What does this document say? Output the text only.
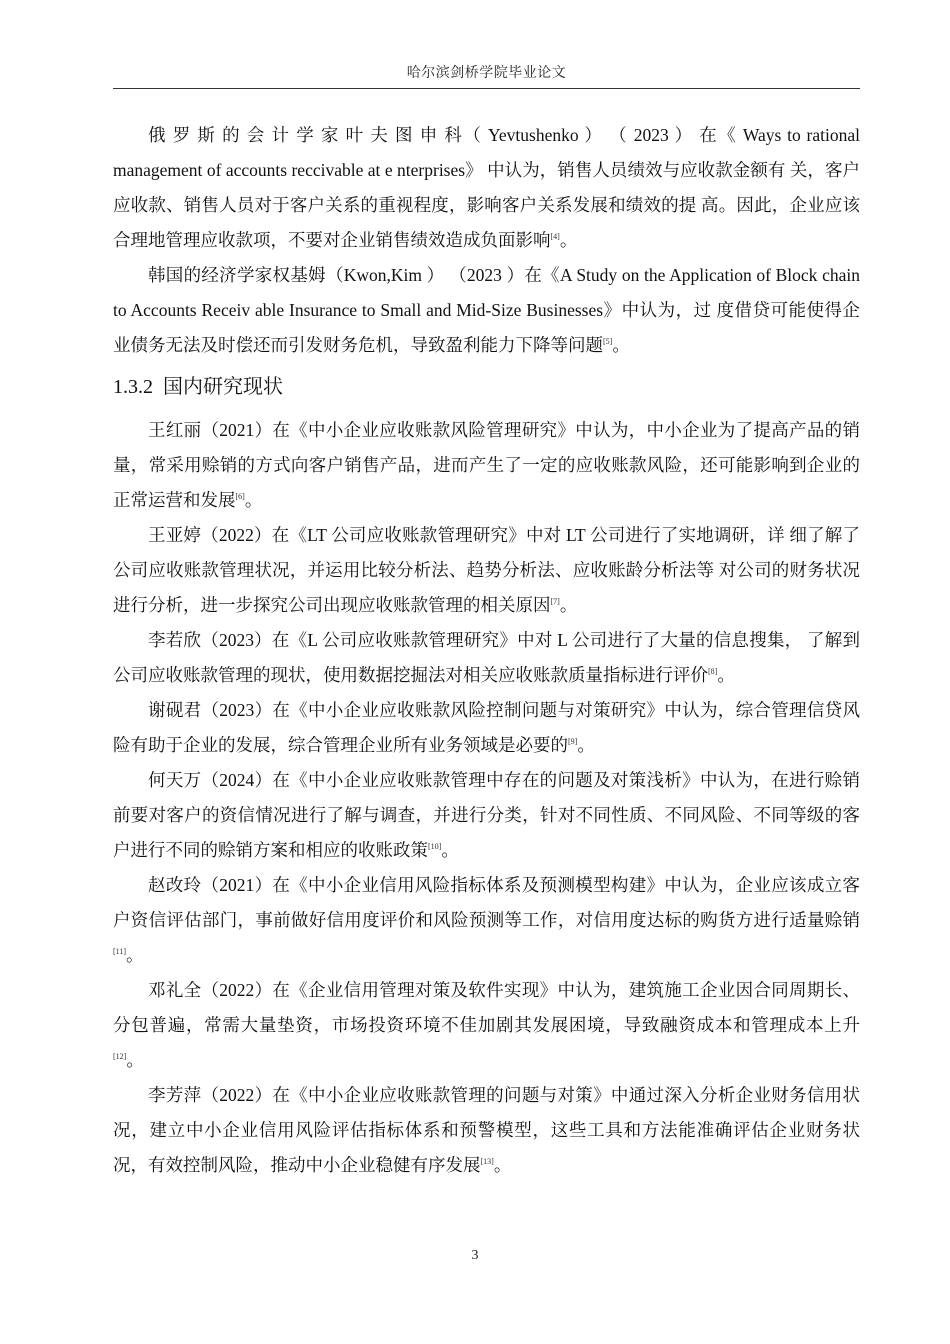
哈尔滨剑桥学院毕业论文

俄 罗 斯 的 会 计 学 家 叶 夫 图 申 科（ Yevtushenko ） （ 2023 ） 在《 Ways to rational management of accounts reccivable at e nterprises》 中认为，销售人员绩效与应收款金额有 关，客户应收款、销售人员对于客户关系的重视程度，影响客户关系发展和绩效的提 高。因此，企业应该合理地管理应收款项，不要对企业销售绩效造成负面影响[4]。

韩国的经济学家权基姆（Kwon,Kim ） （2023 ）在《A Study on the Application of Block chain to Accounts Receiv able Insurance to Small and Mid-Size Businesses》中认为，过 度借贷可能使得企业债务无法及时偿还而引发财务危机，导致盈利能力下降等问题[5]。

1.3.2 国内研究现状

王红丽（2021）在《中小企业应收账款风险管理研究》中认为，中小企业为了提高产品的销量，常采用赊销的方式向客户销售产品，进而产生了一定的应收账款风险，还可能影响到企业的正常运营和发展[6]。

王亚婷（2022）在《LT 公司应收账款管理研究》中对 LT 公司进行了实地调研，详 细了解了公司应收账款管理状况，并运用比较分析法、趋势分析法、应收账龄分析法等 对公司的财务状况进行分析，进一步探究公司出现应收账款管理的相关原因[7]。

李若欣（2023）在《L 公司应收账款管理研究》中对 L 公司进行了大量的信息搜集， 了解到公司应收账款管理的现状，使用数据挖掘法对相关应收账款质量指标进行评价[8]。

谢砚君（2023）在《中小企业应收账款风险控制问题与对策研究》中认为，综合管理信贷风险有助于企业的发展，综合管理企业所有业务领域是必要的[9]。

何天万（2024）在《中小企业应收账款管理中存在的问题及对策浅析》中认为，在进行赊销前要对客户的资信情况进行了解与调查，并进行分类，针对不同性质、不同风险、不同等级的客户进行不同的赊销方案和相应的收账政策[10]。

赵改玲（2021）在《中小企业信用风险指标体系及预测模型构建》中认为，企业应该成立客户资信评估部门，事前做好信用度评价和风险预测等工作，对信用度达标的购货方进行适量赊销[11]。

邓礼全（2022）在《企业信用管理对策及软件实现》中认为，建筑施工企业因合同周期长、分包普遍，常需大量垫资，市场投资环境不佳加剧其发展困境，导致融资成本和管理成本上升[12]。

李芳萍（2022）在《中小企业应收账款管理的问题与对策》中通过深入分析企业财务信用状况，建立中小企业信用风险评估指标体系和预警模型，这些工具和方法能准确评估企业财务状况，有效控制风险，推动中小企业稳健有序发展[13]。

3
